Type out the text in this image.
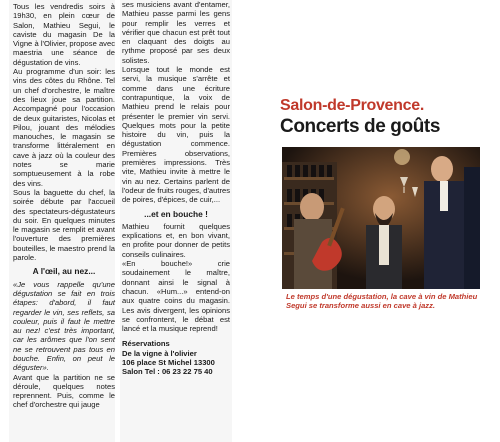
Tous les vendredis soirs à 19h30, en plein cœur de Salon, Mathieu Segui, le caviste du magasin De la Vigne à l'Olivier, propose avec maestria une séance de dégustation de vins.

Au programme d'un soir: les vins des côtes du Rhône. Tel un chef d'orchestre, le maître des lieux joue sa partition. Accompagné pour l'occasion de deux guitaristes, Nicolas et Pilou, jouant des mélodies manouches, le magasin se transforme littéralement en cave à jazz où la couleur des notes se marie somptueusement à la robe des vins.

Sous la baguette du chef, la soirée débute par l'accueil des spectateurs-dégustateurs du soir. En quelques minutes le magasin se remplit et avant l'ouverture des premières bouteilles, le maestro prend la parole.

A l'œil, au nez...

«Je vous rappelle qu'une dégustation se fait en trois étapes: d'abord, il faut regarder le vin, ses reflets, sa couleur, puis il faut le mettre au nez! c'est très important, car les arômes que l'on sent ne se retrouvent pas tous en bouche. Enfin, on peut le déguster».

Avant que la partition ne se déroule, quelques notes reprennent. Puis, comme le chef d'orchestre qui jauge

ses musiciens avant d'entamer, Mathieu passe parmi les gens pour remplir les verres et vérifier que chacun est prêt tout en claquant des doigts au rythme proposé par ses deux solistes.

Lorsque tout le monde est servi, la musique s'arrête et comme dans une écriture contrapuntique, la voix de Mathieu prend le relais pour présenter le premier vin servi. Quelques mots pour la petite histoire du vin, puis la dégustation commence. Premières observations, premières impressions. Très vite, Mathieu invite à mettre le vin au nez. Certains parlent de l'odeur de fruits rouges, d'autres de poires, d'épices, de cuir,...

...et en bouche !

Mathieu fournit quelques explications et, en bon vivant, en profite pour donner de petits conseils culinaires.

«En bouche!» crie soudainement le maître, donnant ainsi le signal à chacun. «Hum...» entend-on aux quatre coins du magasin. Les avis divergent, les opinions se confrontent, le débat est lancé et la musique reprend!

Réservations
De la vigne à l'olivier
106 place St Michel 13300
Salon Tel : 06 23 22 75 40
Salon-de-Provence.
Concerts de goûts
Le temps d'une dégustation, la cave à vin de Mathieu Segui se transforme aussi en cave à jazz.
